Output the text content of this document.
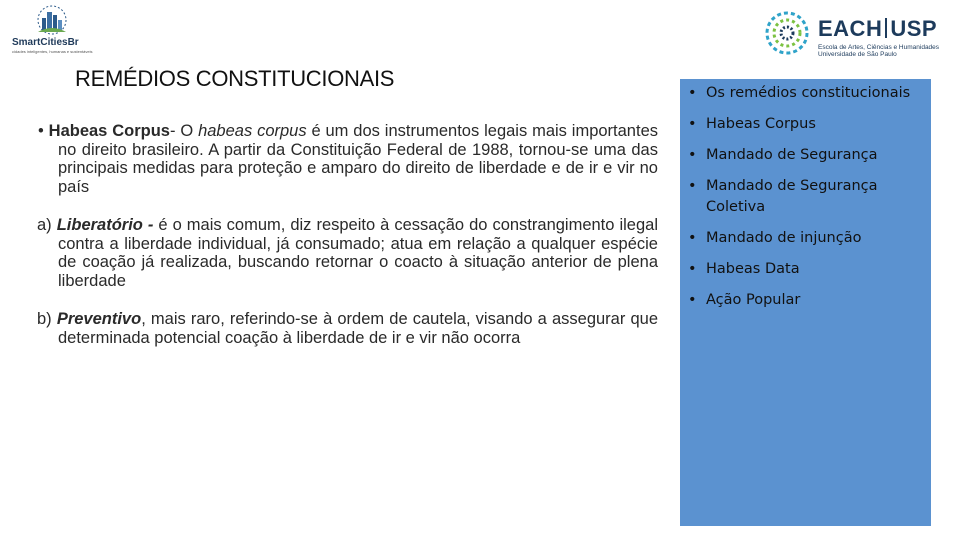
SmartCitiesBr
cidades inteligentes, humanas e sustentáveis
EACH USP
Escola de Artes, Ciências e Humanidades
Universidade de São Paulo
REMÉDIOS CONSTITUCIONAIS

• Habeas Corpus- O habeas corpus é um dos instrumentos legais mais importantes no direito brasileiro. A partir da Constituição Federal de 1988, tornou-se uma das principais medidas para proteção e amparo do direito de liberdade e de ir e vir no país

a) Liberatório - é o mais comum, diz respeito à cessação do constrangimento ilegal contra a liberdade individual, já consumado; atua em relação a qualquer espécie de coação já realizada, buscando retornar o coacto à situação anterior de plena liberdade

b) Preventivo, mais raro, referindo-se à ordem de cautela, visando a assegurar que determinada potencial coação à liberdade de ir e vir não ocorra

• Os remédios constitucionais
• Habeas Corpus
• Mandado de Segurança
• Mandado de Segurança Coletiva
• Mandado de injunção
• Habeas Data
• Ação Popular
